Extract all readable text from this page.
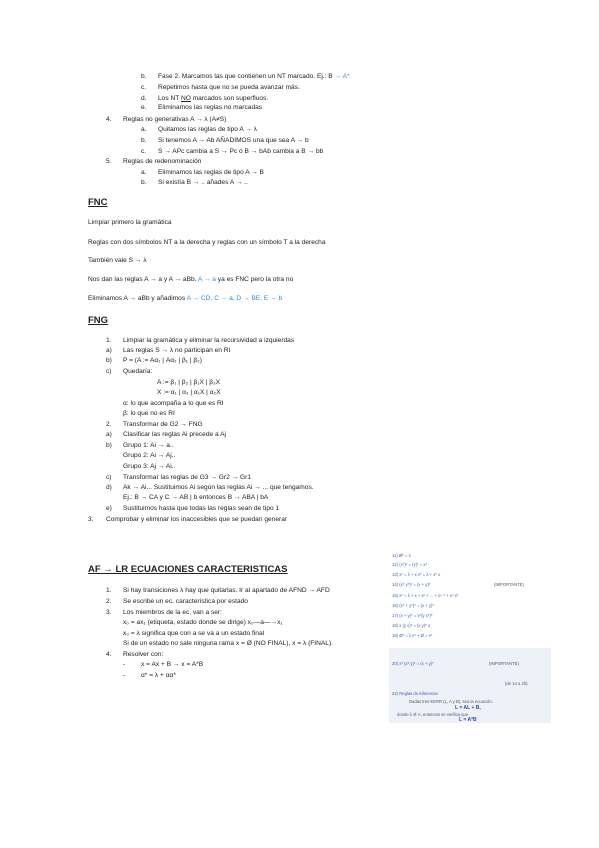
b. Fase 2. Marcamos las que contienen un NT marcado. Ej.: B → A*
c. Repetimos hasta que no se pueda avanzar más.
d. Los NT NO marcados son superfluos.
e. Eliminamos las reglas no marcadas
4. Reglas no generativas A → λ (A≠S)
a. Quitamos las reglas de tipo A → λ
b. Si tenemos A → Ab AÑADIMOS una que sea A → b
c. S → APc cambia a S → Pc ó B → bAb cambia a B → bb
5. Reglas de redenominación
a. Eliminamos las reglas de tipo A → B
b. Si existía B → .. añades A → ..
FNC
Limpiar primero la gramática
Reglas con dos símbolos NT a la derecha y reglas con un símbolo T a la derecha
También vale S → λ
Nos dan las reglas A → a y A → aBb. A → a ya es FNC pero la otra no
Eliminamos A → aBb y añadimos A → CD, C → a, D → BE, E → b
FNG
1. Limpiar la gramática y eliminar la recursividad a izquierdas
a) Las reglas S → λ no participan en RI
b) P = (A := Aα₁ | Aα₂ | β₁ | β₂)
c) Quedaría:
A := β₁ | β₂ | β₁X | β₂X
X := α₁ | α₂ | α₁X | α₂X
α: lo que acompaña a lo que es RI
β: lo que no es RI
2. Transformar de G2 → FNG
a) Clasificar las reglas Ai precede a Aj
b) Grupo 1: Ai → a..
Grupo 2: Ai → Aj..
Grupo 3: Aj → Ai..
c) Transformar las reglas de G3 → Gr2 → Gr1
d) Ak → Ai... Sustituimos Ai según las reglas Ai → ... que tengamos.
Ej.: B → CA y C → AB | b entonces B → ABA | bA
e) Sustituimos hasta que todas las reglas sean de tipo 1
3. Comprobar y eliminar los inaccesibles que se puedan generar
AF → LR ECUACIONES CARACTERISTICAS
1. Si hay transiciones λ hay que quitarlas. Ir al apartado de AFND → AFD
2. Se escribe un ec. característica por estado
3. Los miembros de la ec. van a ser:
x₀ = ax₁ (etiqueta, estado donde se dirige) x₀—a—→x₁
x₀ = λ significa que con a se va a un estado final
Si de un estado no sale ninguna rama x = Ø (NO FINAL), x = λ (FINAL).
4. Resolver con:
- x = Ax + B → x = A*B
- α* = λ + αα*
11) Ø* = λ
12) (x*)* = (x)* = x*
13) x* = λ + x x* = λ + x* x
14) (x* y*)* = (x + y)*	(IMPORTANTE)
15) x* = λ + x + x² + ... + xⁿ⁻¹ + xⁿ x*
16) (x* + y*)* = (x + y)*
17) (x + y)* = x*(y x*)*
18) x (y x)* = (x y)* x
19) Ø* = λ x* + Ø = x*
20) x* (x* y)* = (x + y)*	(IMPORTANTE)
(de 14 a 20)
22) Reglas de inferencia:
Dadas tres EERR (L, A y B), sea la ecuación:
L = AL + B,
donde λ ∉ A, entonces se verifica que
L = A*B
